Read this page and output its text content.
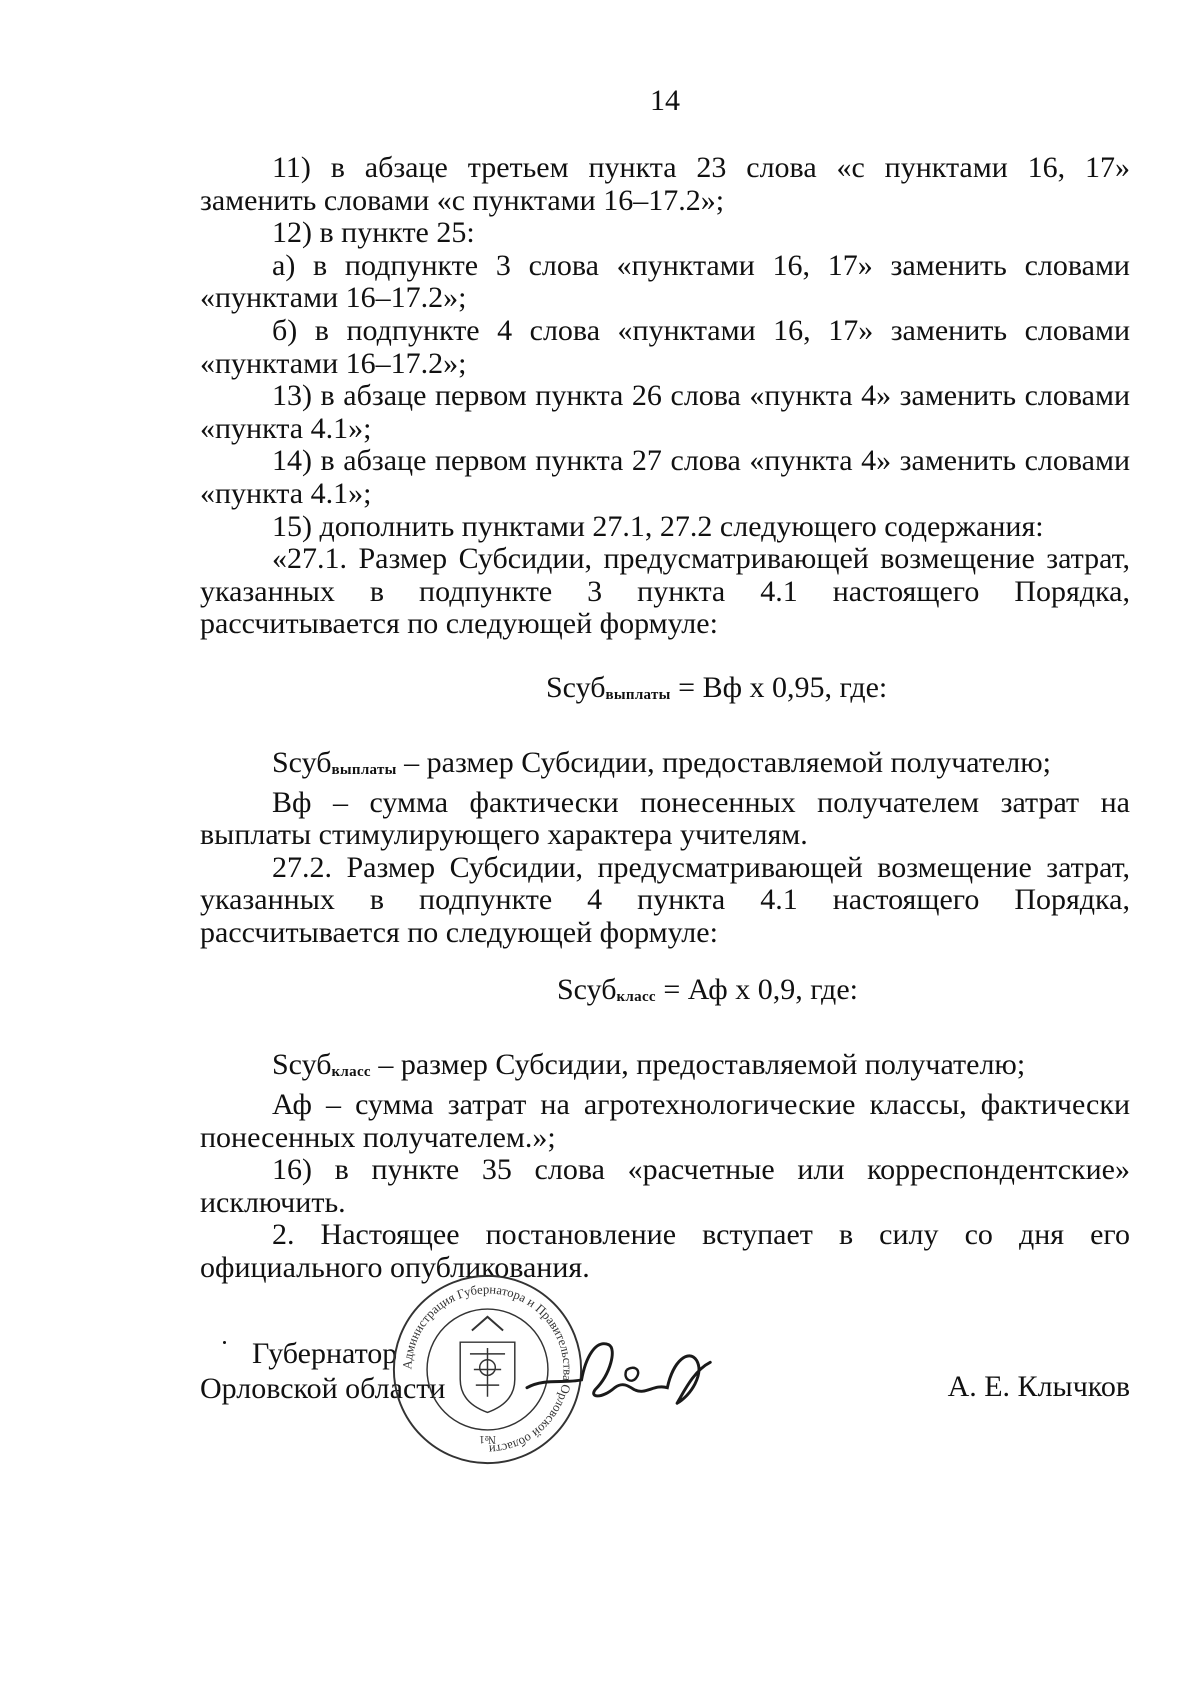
14

11) в абзаце третьем пункта 23 слова «с пунктами 16, 17» заменить словами «с пунктами 16–17.2»;

12) в пункте 25:

а) в подпункте 3 слова «пунктами 16, 17» заменить словами «пунктами 16–17.2»;

б) в подпункте 4 слова «пунктами 16, 17» заменить словами «пунктами 16–17.2»;

13) в абзаце первом пункта 26 слова «пункта 4» заменить словами «пункта 4.1»;

14) в абзаце первом пункта 27 слова «пункта 4» заменить словами «пункта 4.1»;

15) дополнить пунктами 27.1, 27.2 следующего содержания:

«27.1. Размер Субсидии, предусматривающей возмещение затрат, указанных в подпункте 3 пункта 4.1 настоящего Порядка, рассчитывается по следующей формуле:

Sсубвыплаты = Вф х 0,95, где:

Sсубвыплаты – размер Субсидии, предоставляемой получателю;

Вф – сумма фактически понесенных получателем затрат на выплаты стимулирующего характера учителям.

27.2. Размер Субсидии, предусматривающей возмещение затрат, указанных в подпункте 4 пункта 4.1 настоящего Порядка, рассчитывается по следующей формуле:

Sсубкласс = Аф х 0,9, где:

Sсубкласс – размер Субсидии, предоставляемой получателю;

Аф – сумма затрат на агротехнологические классы, фактически понесенных получателем.»;

16) в пункте 35 слова «расчетные или корреспондентские» исключить.

2. Настоящее постановление вступает в силу со дня его официального опубликования.

Губернатор
Орловской области	А. Е. Клычков
Администрация Губернатора и Правительства Орловской области
№1
